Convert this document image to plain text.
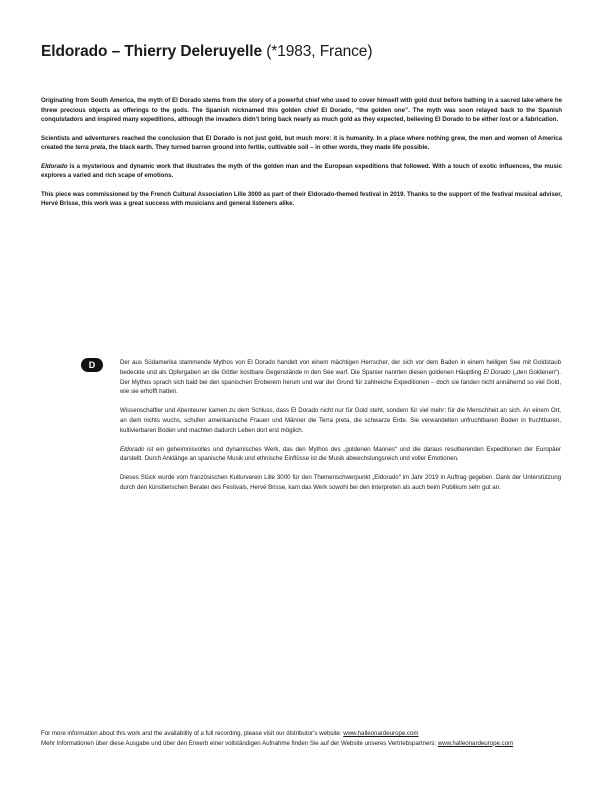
Eldorado – Thierry Deleruyelle (*1983, France)

Originating from South America, the myth of El Dorado stems from the story of a powerful chief who used to cover himself with gold dust before bathing in a sacred lake where he threw precious objects as offerings to the gods. The Spanish nicknamed this golden chief El Dorado, “the golden one”. The myth was soon relayed back to the Spanish conquistadors and inspired many expeditions, although the invaders didn’t bring back nearly as much gold as they expected, believing El Dorado to be either lost or a fabrication.

Scientists and adventurers reached the conclusion that El Dorado is not just gold, but much more: it is humanity. In a place where nothing grew, the men and women of America created the terra preta, the black earth. They turned barren ground into fertile, cultivable soil – in other words, they made life possible.

Eldorado is a mysterious and dynamic work that illustrates the myth of the golden man and the European expeditions that followed. With a touch of exotic influences, the music explores a varied and rich scape of emotions.

This piece was commissioned by the French Cultural Association Lille 3000 as part of their Eldorado-themed festival in 2019. Thanks to the support of the festival musical adviser, Hervé Brisse, this work was a great success with musicians and general listeners alike.

D	Der aus Südamerika stammende Mythos von El Dorado handelt von einem mächtigen Herrscher, der sich vor dem Baden in einem heiligen See mit Goldstaub bedeckte und als Opfergaben an die Götter kostbare Gegenstände in den See warf. Die Spanier nannten diesen goldenen Häuptling El Dorado („den Goldenen“). Der Mythos sprach sich bald bei den spanischen Eroberern herum und war der Grund für zahlreiche Expeditionen – doch sie fanden nicht annähernd so viel Gold, wie sie erhofft hatten.

Wissenschaftler und Abenteurer kamen zu dem Schluss, dass El Dorado nicht nur für Gold steht, sondern für viel mehr: für die Menschheit an sich. An einem Ort, an dem nichts wuchs, schufen amerikanische Frauen und Männer die Terra preta, die schwarze Erde. Sie verwandelten unfruchtbaren Boden in fruchtbaren, kultivierbaren Boden und machten dadurch Leben dort erst möglich.

Eldorado ist ein geheimnisvolles und dynamisches Werk, das den Mythos des „goldenen Mannes“ und die daraus resultierenden Expeditionen der Europäer darstellt. Durch Anklänge an spanische Musik und ethnische Einflüsse ist die Musik abwechslungsreich und voller Emotionen.

Dieses Stück wurde vom französischen Kulturverein Lille 3000 für den Themenschwerpunkt „Eldorado“ im Jahr 2019 in Auftrag gegeben. Dank der Unterstützung durch den künstlerischen Berater des Festivals, Hervé Brisse, kam das Werk sowohl bei den Interpreten als auch beim Publikum sehr gut an.

For more information about this work and the availability of a full recording, please visit our distributor’s website: www.halleonardeurope.com

Mehr Informationen über diese Ausgabe und über den Erwerb einer vollständigen Aufnahme finden Sie auf der Website unseres Vertriebspartners: www.halleonardeurope.com
